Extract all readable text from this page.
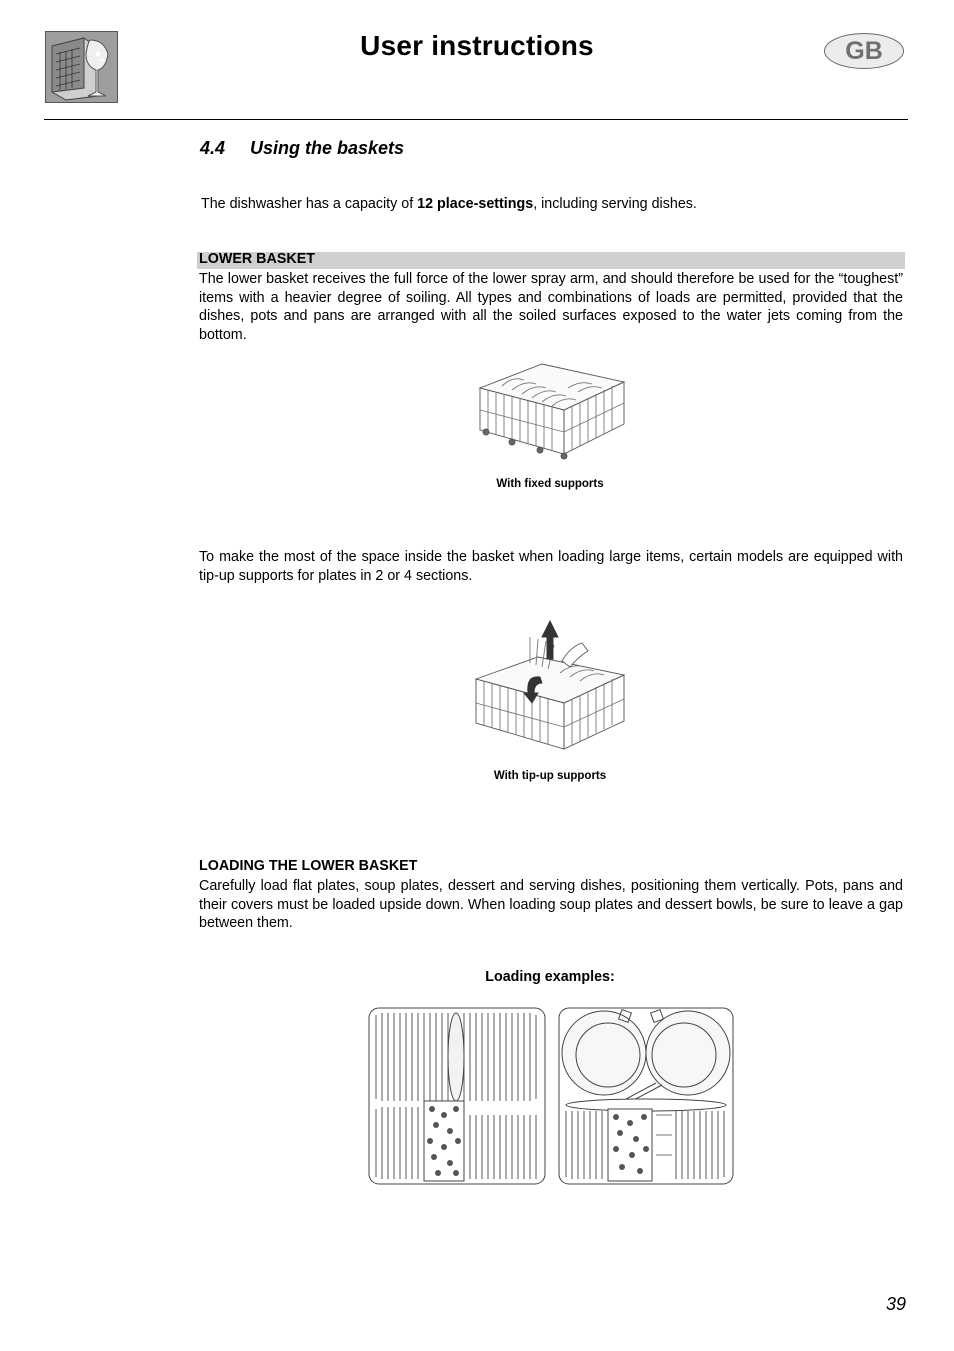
User instructions	GB
4.4 Using the baskets
The dishwasher has a capacity of 12 place-settings, including serving dishes.
LOWER BASKET
The lower basket receives the full force of the lower spray arm, and should therefore be used for the “toughest” items with a heavier degree of soiling. All types and combinations of loads are permitted, provided that the dishes, pots and pans are arranged with all the soiled surfaces exposed to the water jets coming from the bottom.
With fixed supports
To make the most of the space inside the basket when loading large items, certain models are equipped with tip-up supports for plates in 2 or 4 sections.
With tip-up supports
LOADING THE LOWER BASKET
Carefully load flat plates, soup plates, dessert and serving dishes, positioning them vertically. Pots, pans and their covers must be loaded upside down. When loading soup plates and dessert bowls, be sure to leave a gap between them.
Loading examples:
39
